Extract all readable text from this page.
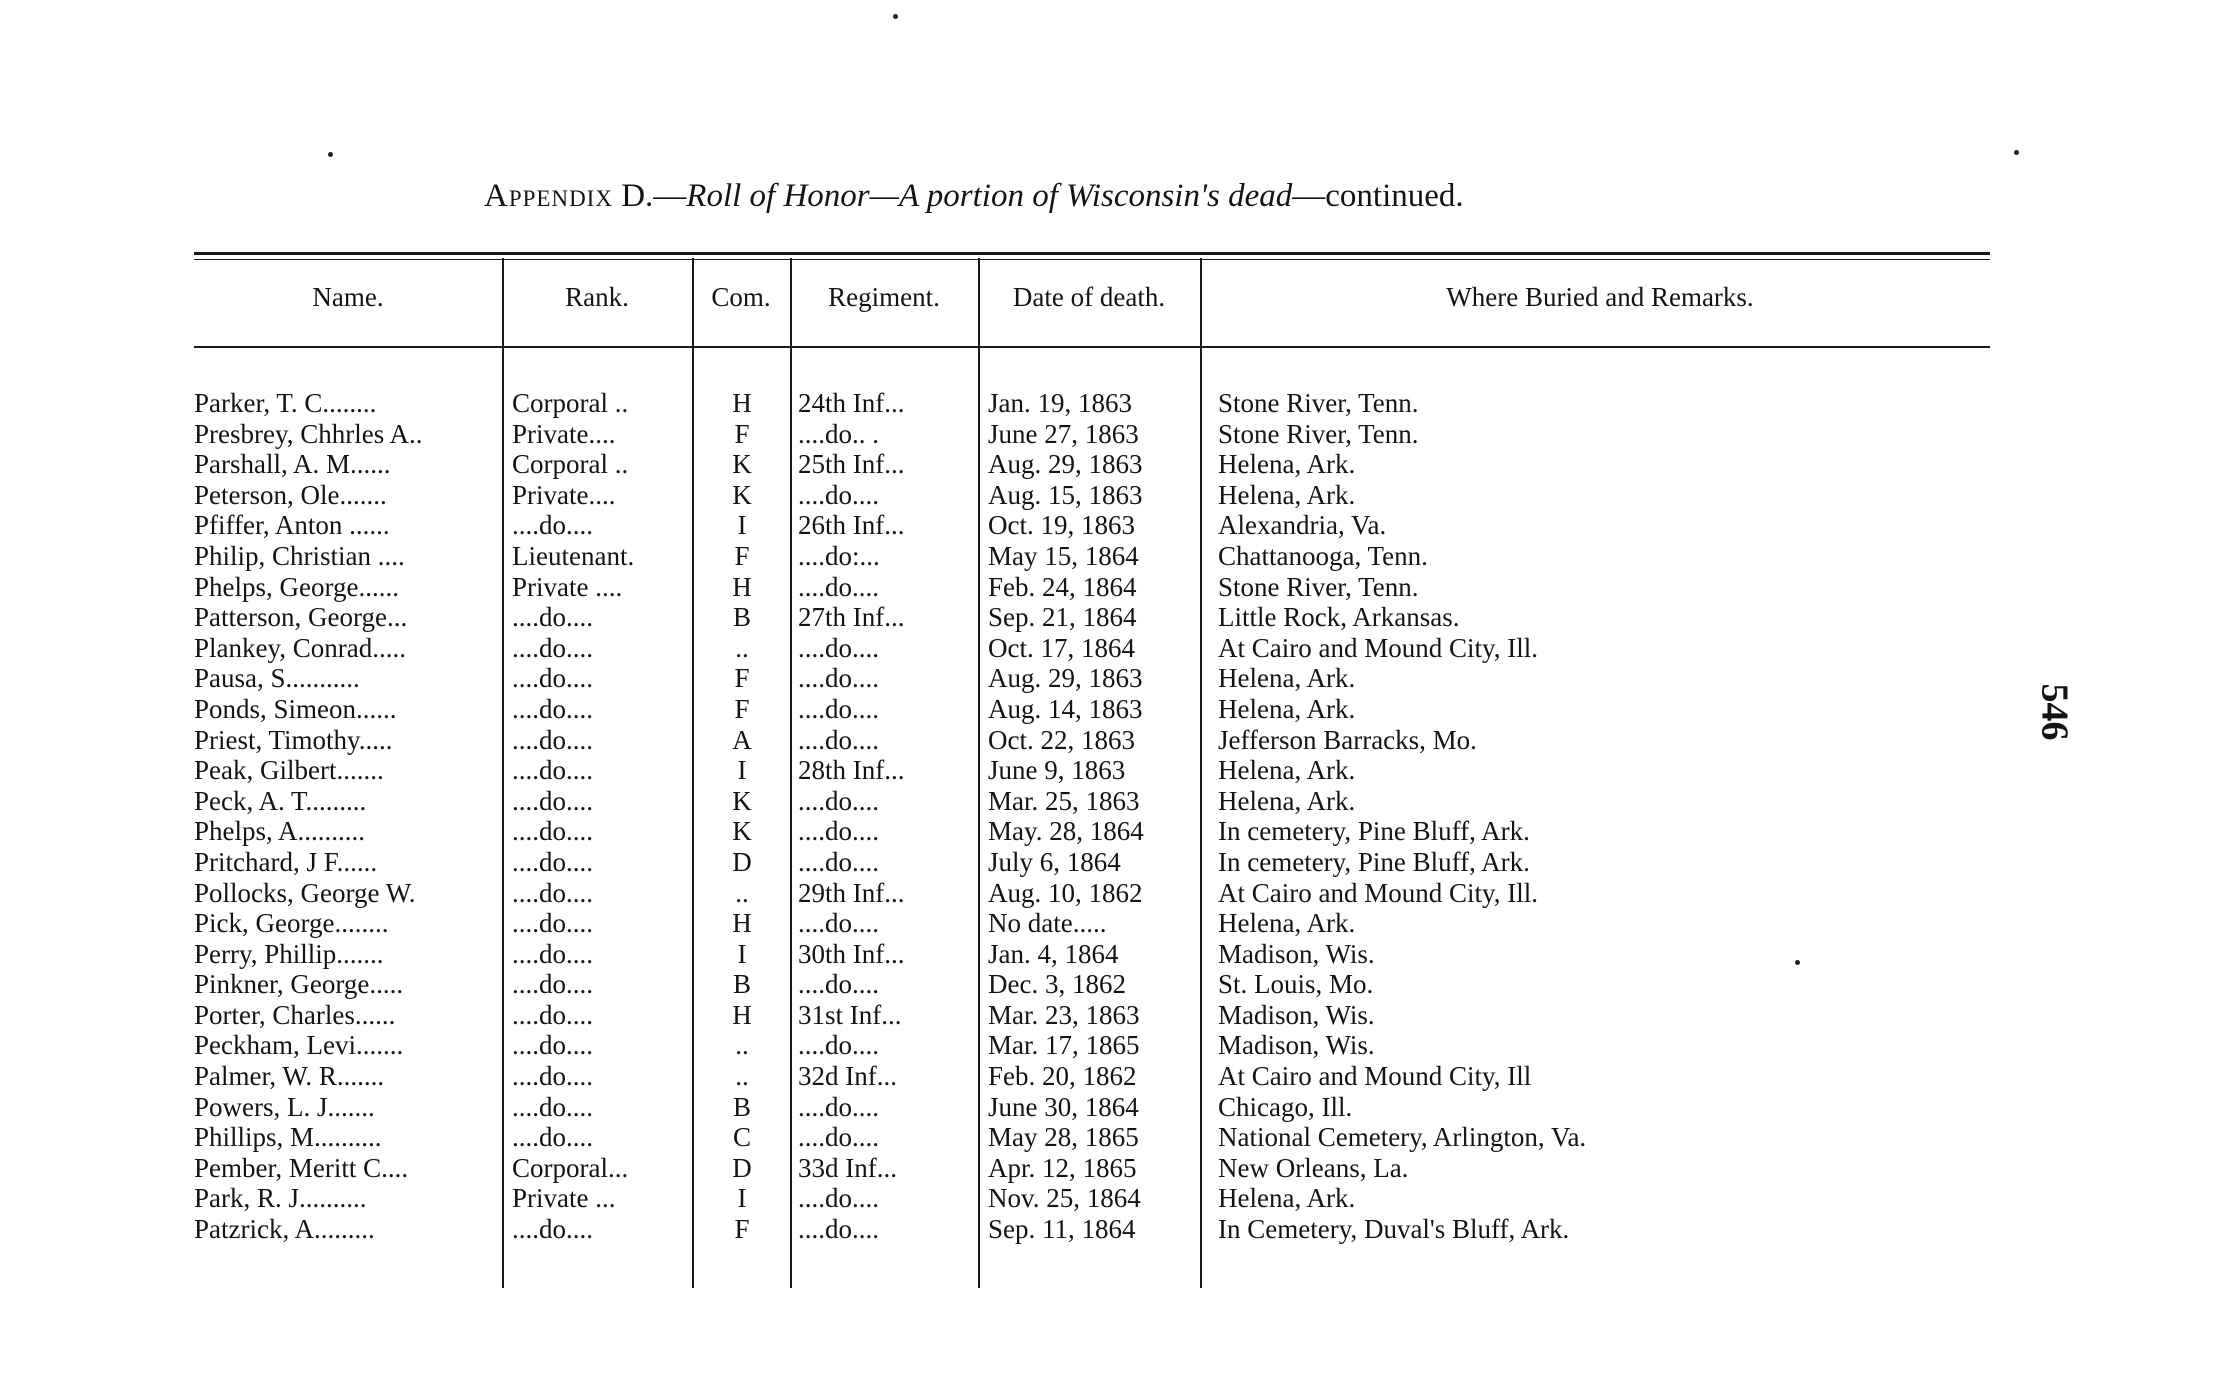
Appendix D.—Roll of Honor—A portion of Wisconsin's dead—continued.
Name.	Rank.	Com.	Regiment.	Date of death.	Where Buried and Remarks.
Parker, T. C........	Corporal ..	H	24th Inf...	Jan. 19, 1863	Stone River, Tenn.
Presbrey, Chhrles A..	Private....	F	....do.. .	June 27, 1863	Stone River, Tenn.
Parshall, A. M......	Corporal ..	K	25th Inf...	Aug. 29, 1863	Helena, Ark.
Peterson, Ole.......	Private....	K	....do....	Aug. 15, 1863	Helena, Ark.
Pfiffer, Anton ......	....do....	I	26th Inf...	Oct. 19, 1863	Alexandria, Va.
Philip, Christian ....	Lieutenant.	F	....do:...	May 15, 1864	Chattanooga, Tenn.
Phelps, George......	Private ....	H	....do....	Feb. 24, 1864	Stone River, Tenn.
Patterson, George...	....do....	B	27th Inf...	Sep. 21, 1864	Little Rock, Arkansas.
Plankey, Conrad.....	....do....	..	....do....	Oct. 17, 1864	At Cairo and Mound City, Ill.
Pausa, S...........	....do....	F	....do....	Aug. 29, 1863	Helena, Ark.
Ponds, Simeon......	....do....	F	....do....	Aug. 14, 1863	Helena, Ark.
Priest, Timothy.....	....do....	A	....do....	Oct. 22, 1863	Jefferson Barracks, Mo.
Peak, Gilbert.......	....do....	I	28th Inf...	June 9, 1863	Helena, Ark.
Peck, A. T.........	....do....	K	....do....	Mar. 25, 1863	Helena, Ark.
Phelps, A..........	....do....	K	....do....	May. 28, 1864	In cemetery, Pine Bluff, Ark.
Pritchard, J F......	....do....	D	....do....	July 6, 1864	In cemetery, Pine Bluff, Ark.
Pollocks, George W.	....do....	..	29th Inf...	Aug. 10, 1862	At Cairo and Mound City, Ill.
Pick, George........	....do....	H	....do....	No date.....	Helena, Ark.
Perry, Phillip.......	....do....	I	30th Inf...	Jan. 4, 1864	Madison, Wis.
Pinkner, George.....	....do....	B	....do....	Dec. 3, 1862	St. Louis, Mo.
Porter, Charles......	....do....	H	31st Inf...	Mar. 23, 1863	Madison, Wis.
Peckham, Levi.......	....do....	..	....do....	Mar. 17, 1865	Madison, Wis.
Palmer, W. R.......	....do....	..	32d Inf...	Feb. 20, 1862	At Cairo and Mound City, Ill
Powers, L. J.......	....do....	B	....do....	June 30, 1864	Chicago, Ill.
Phillips, M..........	....do....	C	....do....	May 28, 1865	National Cemetery, Arlington, Va.
Pember, Meritt C....	Corporal...	D	33d Inf...	Apr. 12, 1865	New Orleans, La.
Park, R. J..........	Private ...	I	....do....	Nov. 25, 1864	Helena, Ark.
Patzrick, A.........	....do....	F	....do....	Sep. 11, 1864	In Cemetery, Duval's Bluff, Ark.
546
